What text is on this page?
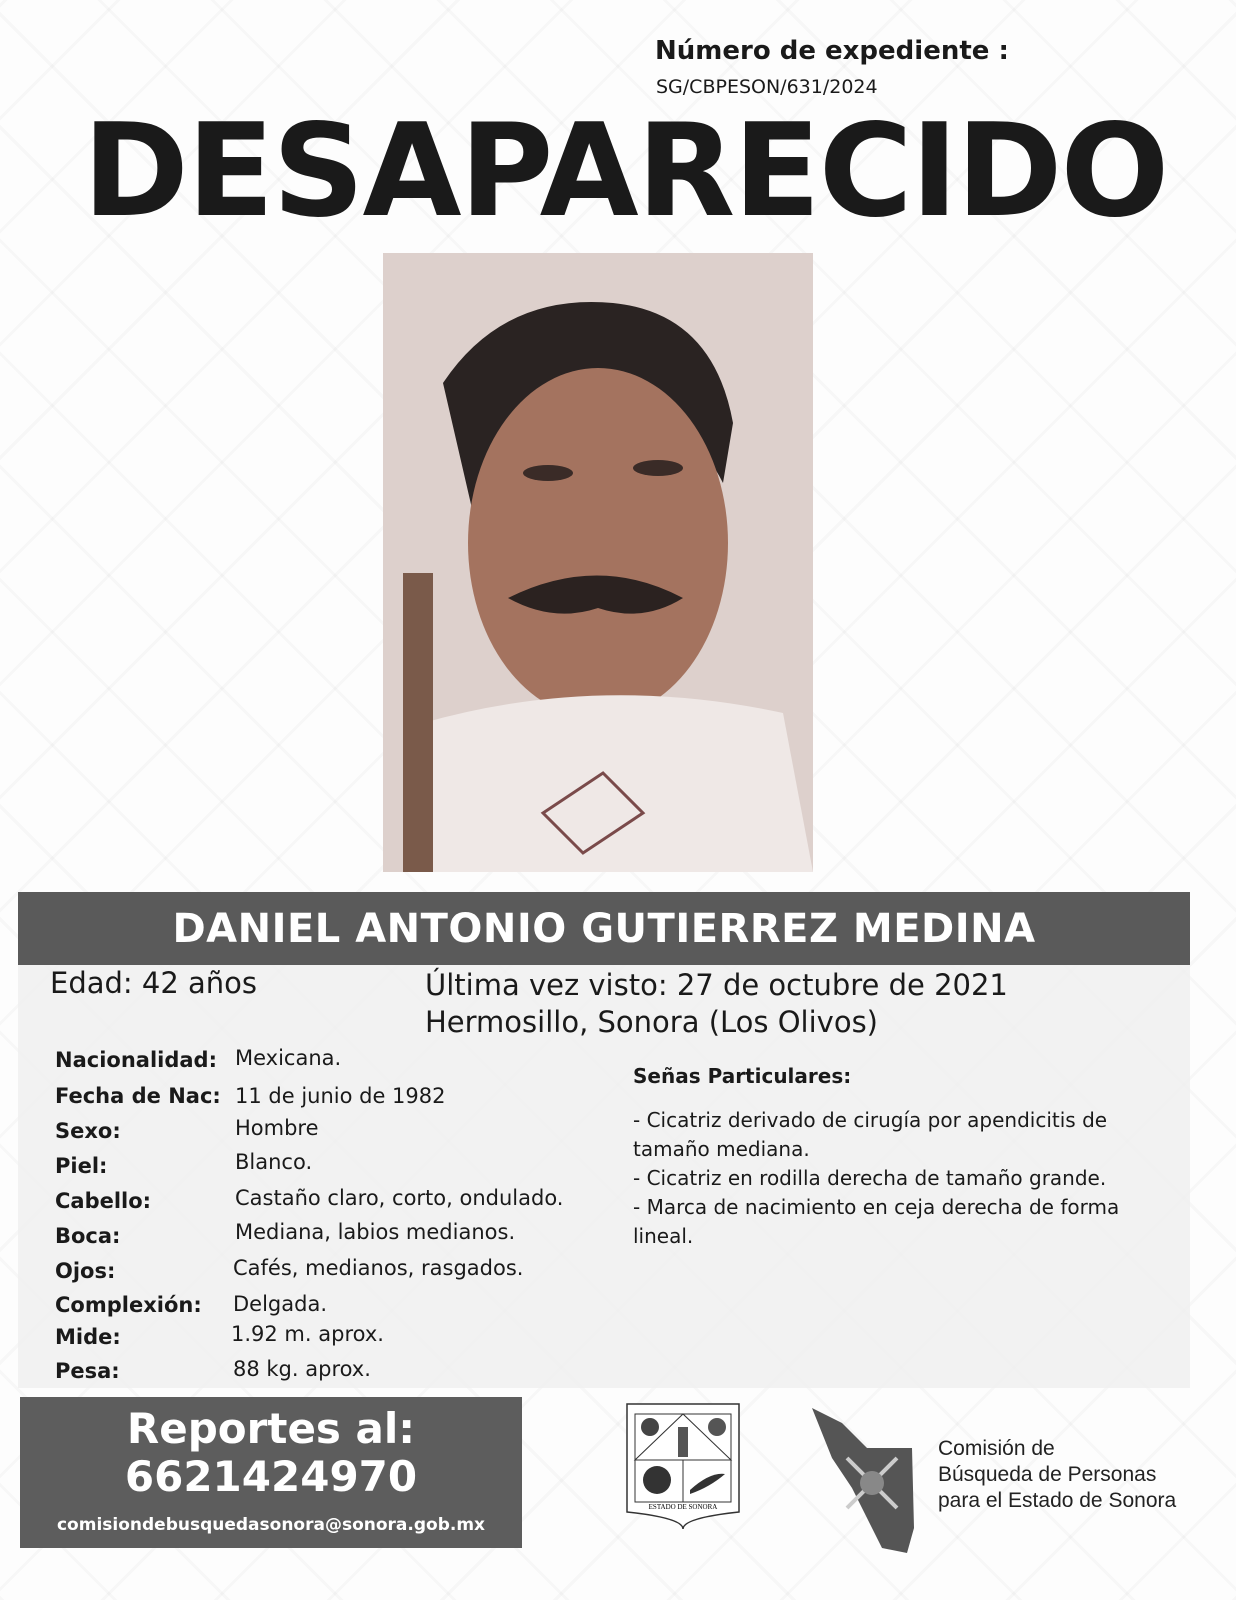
Número de expediente :
SG/CBPESON/631/2024
DESAPARECIDO
DANIEL ANTONIO GUTIERREZ MEDINA
Edad: 42 años	Última vez visto: 27 de octubre de 2021
Hermosillo, Sonora (Los Olivos)
Nacionalidad: Mexicana.
Fecha de Nac: 11 de junio de 1982
Sexo:	Hombre
Piel:	Blanco.
Cabello:	Castaño claro, corto, ondulado.
Boca:	Mediana, labios medianos.
Ojos:	Cafés, medianos, rasgados.
Complexión: Delgada.
Mide:	1.92 m. aprox.
Pesa:	88 kg. aprox.
Señas Particulares:
- Cicatriz derivado de cirugía por apendicitis de
tamaño mediana.
- Cicatriz en rodilla derecha de tamaño grande.
- Marca de nacimiento en ceja derecha de forma
lineal.
Reportes al:
6621424970
comisiondebusquedasonora@sonora.gob.mx
ESTADO DE SONORA
Comisión de
Búsqueda de Personas
para el Estado de Sonora
